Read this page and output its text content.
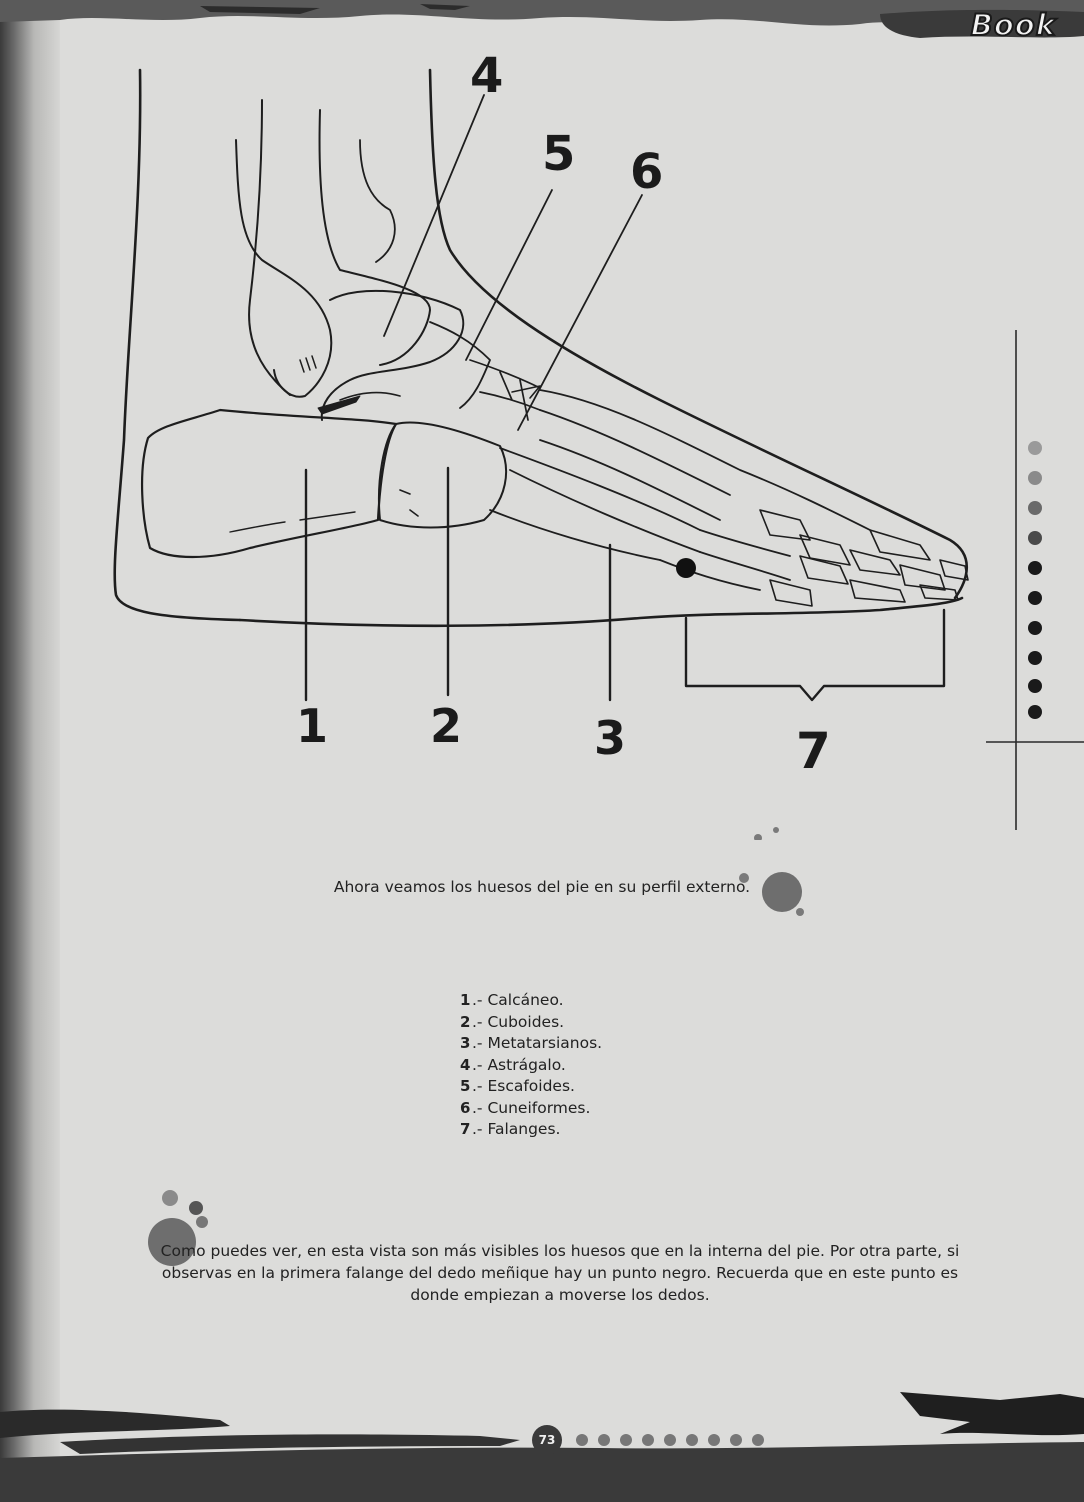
Book
1 2	3
4
5 6
7
Ahora veamos los huesos del pie en su perfil externo.
1 .- Calcáneo.
2 .- Cuboides.
3 .- Metatarsianos.
4 .- Astrágalo.
5 .- Escafoides.
6 .- Cuneiformes.
7 .- Falanges.
Como puedes ver, en esta vista son más visibles los huesos que en la interna del pie. Por otra parte, si observas en la primera falange del dedo meñique hay un punto negro. Recuerda que en este punto es donde empiezan a moverse los dedos.
73
